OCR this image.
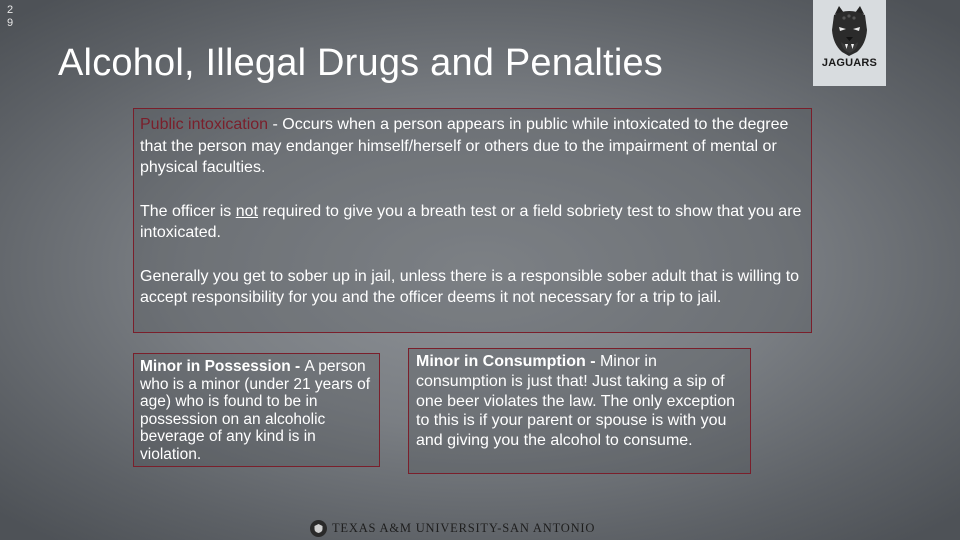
2
9
Alcohol, Illegal Drugs and Penalties	JAGUARS

Public intoxication - Occurs when a person appears in public while intoxicated to the degree that the person may endanger himself/herself or others due to the impairment of mental or physical faculties.

The officer is not required to give you a breath test or a field sobriety test to show that you are intoxicated.

Generally you get to sober up in jail, unless there is a responsible sober adult that is willing to accept responsibility for you and the officer deems it not necessary for a trip to jail.

Minor in Possession - A person who is a minor (under 21 years of age) who is found to be in possession on an alcoholic beverage of any kind is in violation.

Minor in Consumption - Minor in consumption is just that! Just taking a sip of one beer violates the law. The only exception to this is if your parent or spouse is with you and giving you the alcohol to consume.

TEXAS A&M UNIVERSITY-SAN ANTONIO
